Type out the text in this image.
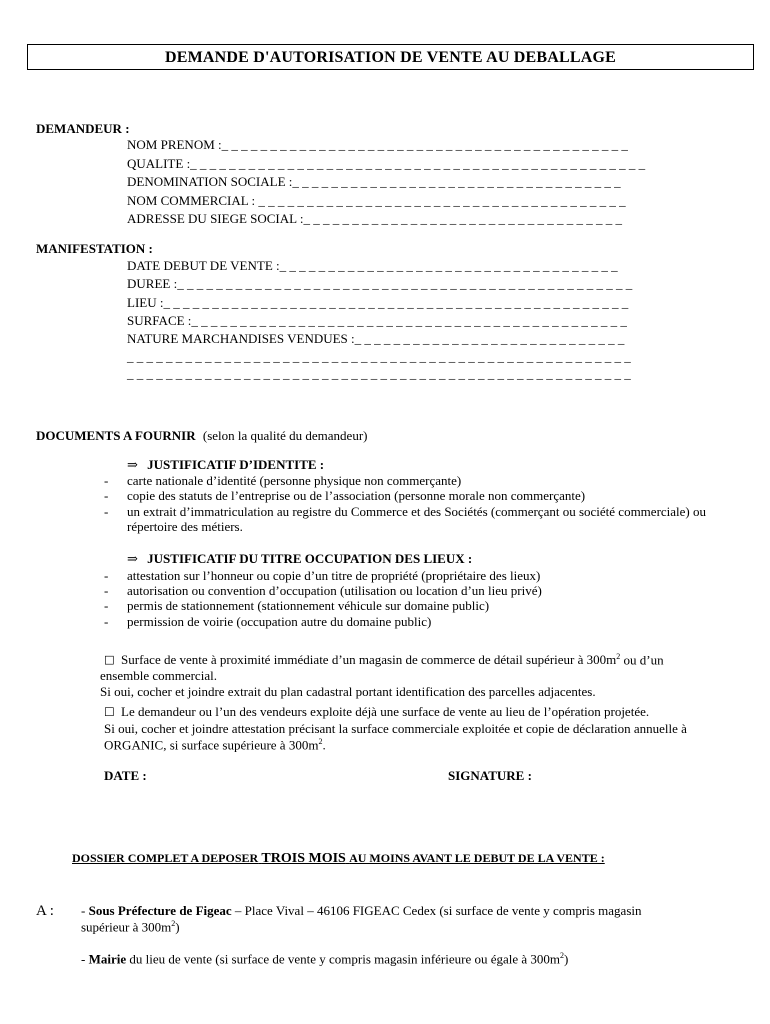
DEMANDE D'AUTORISATION DE VENTE AU DEBALLAGE
DEMANDEUR :
NOM PRENOM :_ _ _ _ _ _ _ _ _ _ _ _ _ _ _ _ _ _ _ _ _ _ _ _ _ _ _ _ _ _ _ _ _ _ _ _ _ _ _ _ _ _
QUALITE :_ _ _ _ _ _ _ _ _ _ _ _ _ _ _ _ _ _ _ _ _ _ _ _ _ _ _ _ _ _ _ _ _ _ _ _ _ _ _ _ _ _ _ _ _ _ _
DENOMINATION SOCIALE :_ _ _ _ _ _ _ _ _ _ _ _ _ _ _ _ _ _ _ _ _ _ _ _ _ _ _ _ _ _ _ _ _ _
NOM COMMERCIAL : _ _ _ _ _ _ _ _ _ _ _ _ _ _ _ _ _ _ _ _ _ _ _ _ _ _ _ _ _ _ _ _ _ _ _ _ _ _
ADRESSE DU SIEGE SOCIAL :_ _ _ _ _ _ _ _ _ _ _ _ _ _ _ _ _ _ _ _ _ _ _ _ _ _ _ _ _ _ _ _ _
MANIFESTATION :
DATE DEBUT DE VENTE :_ _ _ _ _ _ _ _ _ _ _ _ _ _ _ _ _ _ _ _ _ _ _ _ _ _ _ _ _ _ _ _ _ _ _
DUREE :_ _ _ _ _ _ _ _ _ _ _ _ _ _ _ _ _ _ _ _ _ _ _ _ _ _ _ _ _ _ _ _ _ _ _ _ _ _ _ _ _ _ _ _ _ _ _
LIEU :_ _ _ _ _ _ _ _ _ _ _ _ _ _ _ _ _ _ _ _ _ _ _ _ _ _ _ _ _ _ _ _ _ _ _ _ _ _ _ _ _ _ _ _ _ _ _ _
SURFACE :_ _ _ _ _ _ _ _ _ _ _ _ _ _ _ _ _ _ _ _ _ _ _ _ _ _ _ _ _ _ _ _ _ _ _ _ _ _ _ _ _ _ _ _ _
NATURE MARCHANDISES VENDUES :_ _ _ _ _ _ _ _ _ _ _ _ _ _ _ _ _ _ _ _ _ _ _ _ _ _ _ _
_ _ _ _ _ _ _ _ _ _ _ _ _ _ _ _ _ _ _ _ _ _ _ _ _ _ _ _ _ _ _ _ _ _ _ _ _ _ _ _ _ _ _ _ _ _ _ _ _ _ _ _
_ _ _ _ _ _ _ _ _ _ _ _ _ _ _ _ _ _ _ _ _ _ _ _ _ _ _ _ _ _ _ _ _ _ _ _ _ _ _ _ _ _ _ _ _ _ _ _ _ _ _ _
DOCUMENTS A FOURNIR (selon la qualité du demandeur)
⇒ JUSTIFICATIF D’IDENTITE :
- carte nationale d’identité (personne physique non commerçante)
- copie des statuts de l’entreprise ou de l’association (personne morale non commerçante)
- un extrait d’immatriculation au registre du Commerce et des Sociétés (commerçant ou société commerciale) ou répertoire des métiers.
⇒ JUSTIFICATIF DU TITRE OCCUPATION DES LIEUX :
- attestation sur l’honneur ou copie d’un titre de propriété (propriétaire des lieux)
- autorisation ou convention d’occupation (utilisation ou location d’un lieu privé)
- permis de stationnement (stationnement véhicule sur domaine public)
- permission de voirie (occupation autre du domaine public)
☐ Surface de vente à proximité immédiate d’un magasin de commerce de détail supérieur à $300m^2$ ou d’un
ensemble commercial.
Si oui, cocher et joindre extrait du plan cadastral portant identification des parcelles adjacentes.
☐ Le demandeur ou l’un des vendeurs exploite déjà une surface de vente au lieu de l’opération projetée.
Si oui, cocher et joindre attestation précisant la surface commerciale exploitée et copie de déclaration annuelle à
ORGANIC, si surface supérieure à $300m^2$.
DATE :	SIGNATURE :
DOSSIER COMPLET A DEPOSER TROIS MOIS AU MOINS AVANT LE DEBUT DE LA VENTE :
A : - Sous Préfecture de Figeac – Place Vival – 46106 FIGEAC Cedex (si surface de vente y compris magasin
supérieur à $300m^2$)
- Mairie du lieu de vente (si surface de vente y compris magasin inférieure ou égale à $300m^2$)
